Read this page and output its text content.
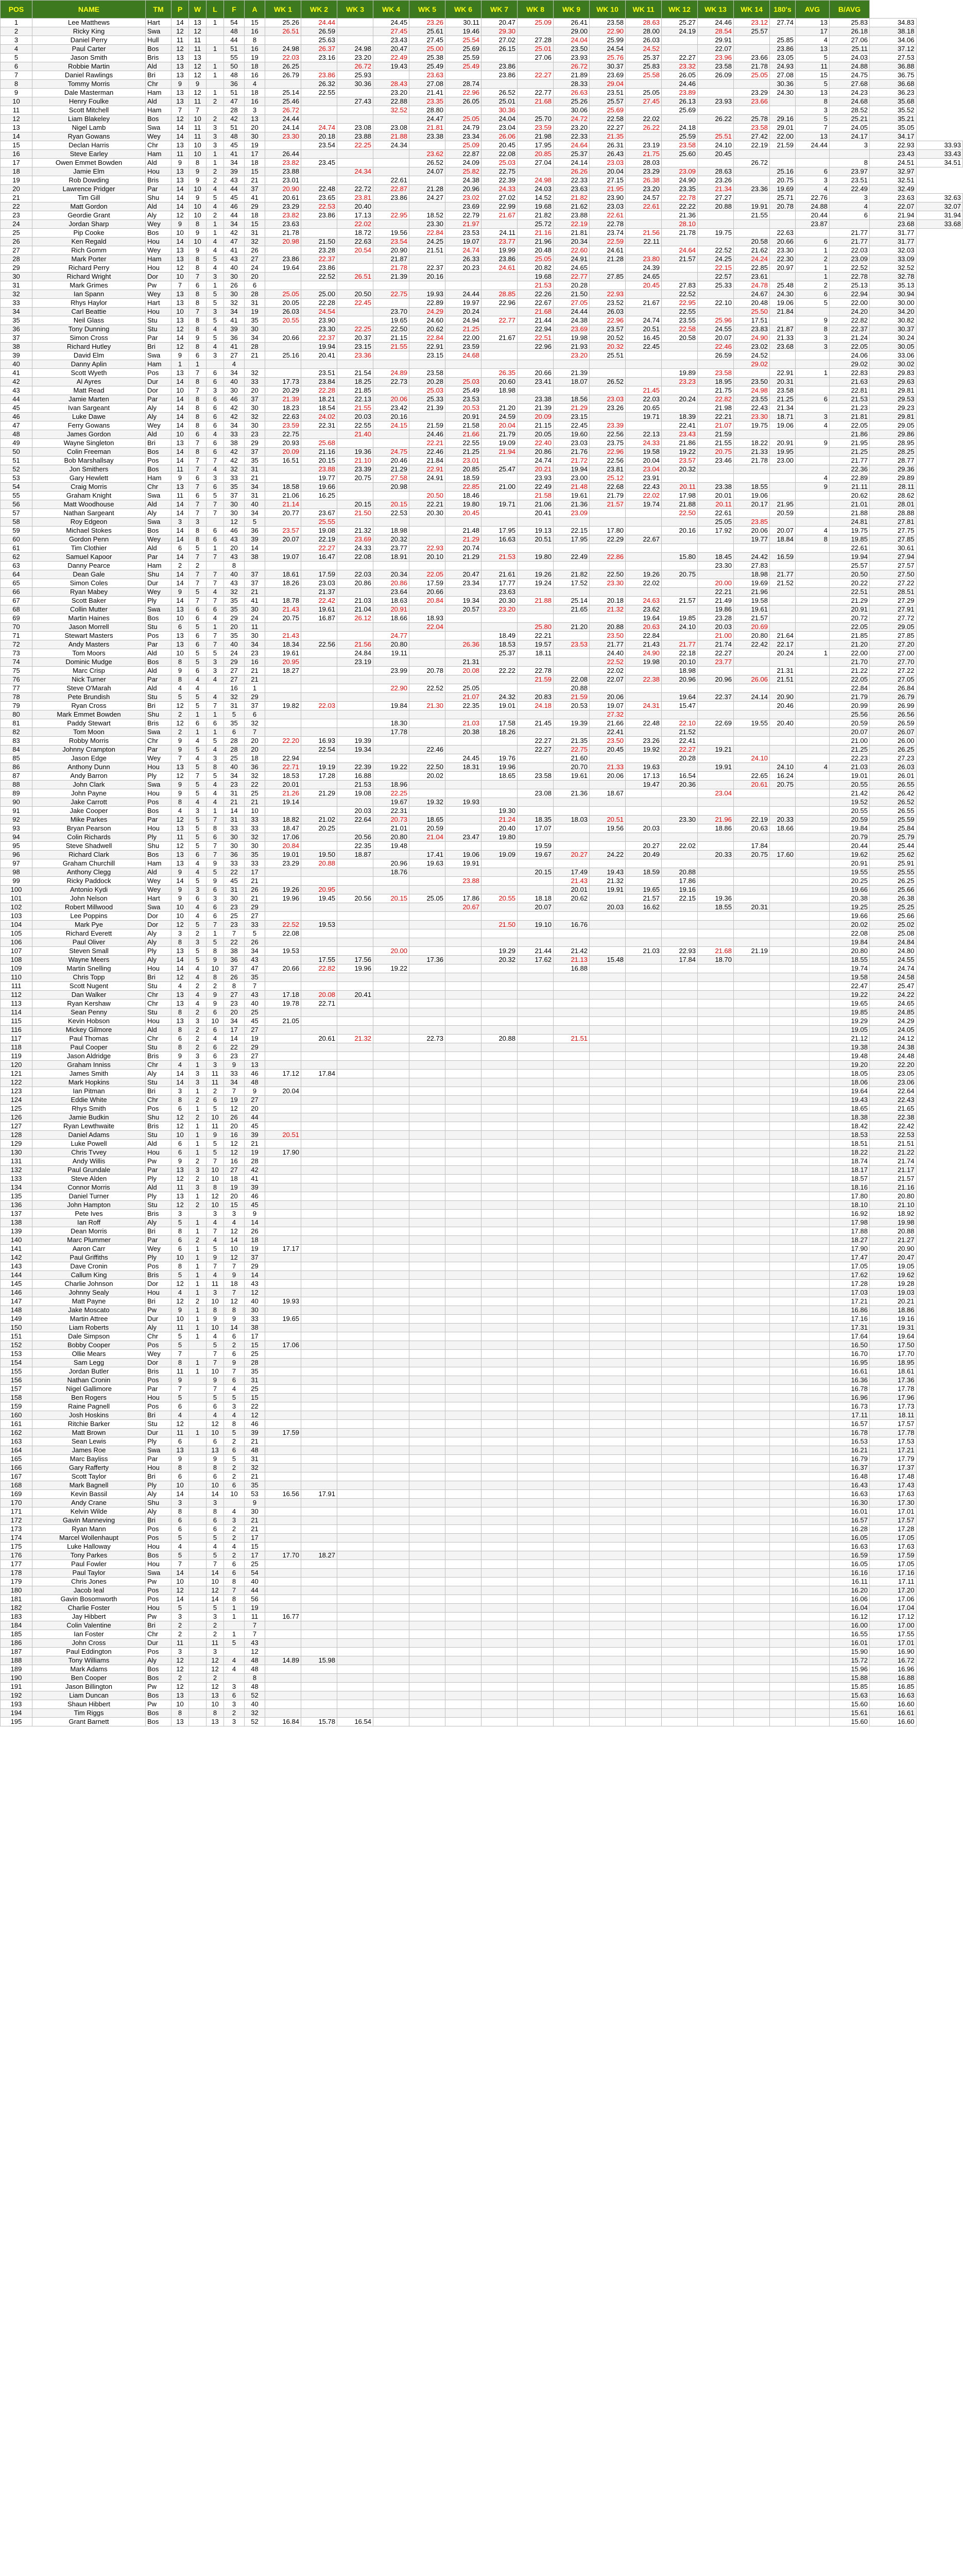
POS	NAME	TM	P	W	L	F	A	WK 1	WK 2	WK 3	WK 4	WK 5	WK 6	WK 7	WK 8	WK 9	WK 10	WK 11	WK 12	WK 13	WK 14	180's	AVG	B/AVG		
1	Lee Matthews	Hart	14	13	1	54	15	25.26	24.44		24.45	23.26	30.11	20.47	25.09	26.41	23.58	28.63	25.27	24.46	23.12	27.74	13	25.83	34.83	
2	Ricky King	Swa	12	12		48	16	26.51	26.59		27.45	25.61	19.46	29.30		29.00	22.90	28.00	24.19	28.54	25.57		17	26.18	38.18	
3	Daniel Perry	Hull	11	11		44	8		25.63		23.43	27.45	25.54	27.02	27.28	24.04	25.99	26.03		29.91		25.85	4	27.06	34.06	
4	Paul Carter	Bos	12	11	1	51	16	24.98	26.37	24.98	20.47	25.00	25.69	26.15	25.01	23.50	24.54	24.52		22.07		23.86	13	25.11	37.12	
5	Jason Smith	Bris	13	13		55	19	22.03	23.16	23.20	22.49	25.38	25.59		27.06	23.93	25.76	25.37	22.27	23.96	23.66	23.05	5	24.03	27.53	
6	Robbie Martin	Ald	13	12	1	50	18	26.25		26.72	19.43	25.49	25.49	23.86		26.72	30.37	25.83	23.32	23.58	21.78	24.93	11	24.88	36.88	
7	Daniel Rawlings	Bri	13	12	1	48	16	26.79	23.86	25.93		23.63		23.86	22.27	21.89	23.69	25.58	26.05	26.09	25.05	27.08	15	24.75	36.75	
8	Tommy Morris	Chr	9	9		36	4		26.32	30.36	28.43	27.08	28.74			28.33	29.04		24.46			30.36	5	27.68	36.68	
9	Dale Masterman	Ham	13	12	1	51	18	25.14	22.55		23.20	21.41	22.96	26.52	22.77	26.63	23.51	25.05	23.89		23.29	24.30	13	24.23	36.23	
10	Henry Foulke	Ald	13	11	2	47	16	25.46		27.43	22.88	23.35	26.05	25.01	21.68	25.26	25.57	27.45	26.13	23.93	23.66		8	24.68	35.68	
11	Scott Mitchell	Ham	7	7		28	3	26.72			32.52	28.80		30.36		30.06	25.69		25.69				3	28.52	35.52	
12	Liam Blakeley	Bos	12	10	2	42	13	24.44				24.47	25.05	24.04	25.70	24.72	22.58	22.02		26.22	25.78	29.16	5	25.21	35.21	
13	Nigel Lamb	Swa	14	11	3	51	20	24.14	24.74	23.08	23.08	21.81	24.79	23.04	23.59	23.20	22.27	26.22	24.18		23.58	29.01	7	24.05	35.05	
14	Ryan Gowans	Wey	14	11	3	48	30	23.30	20.18	23.88	21.88	23.38	23.34	26.06	21.98	22.33	21.35		25.59	25.51	27.42	22.00	13	24.17	34.17	
15	Declan Harris	Chr	13	10	3	45	19		23.54	22.25	24.34		25.09	20.45	17.95	24.64	26.31	23.19	23.58	24.10	22.19	21.59	24.44	3	22.93	33.93
16	Steve Earley	Ham	11	10	1	41	17	26.44				23.62	22.87	22.08	20.85	25.37	26.43	21.75	25.60	20.45					23.43	33.43
17	Owen Emmet Bowden	Ald	9	8	1	34	18	23.82	23.45			26.52	24.09	25.03	27.04	24.14	23.03	28.03			26.72			8	24.51	34.51
18	Jamie Elm	Hou	13	9	2	39	15	23.88		24.34		24.07	25.82	22.75		26.26	20.04	23.29	23.09	28.63		25.16	6	23.97	32.97	
19	Rob Dowding	Bris	13	9	2	43	21	23.01			22.61		24.38	22.39	24.98	22.33	27.15	26.38	24.90	23.26		20.75	3	23.51	32.51	
20	Lawrence Pridger	Par	14	10	4	44	37	20.90	22.48	22.72	22.87	21.28	20.96	24.33	24.03	23.63	21.95	23.20	23.35	21.34	23.36	19.69	4	22.49	32.49	
21	Tim Gill	Shu	14	9	5	45	41	20.61	23.65	23.81	23.86	24.27	23.02	27.02	14.52	21.82	23.90	24.57	22.78	27.27		25.71	22.76	3	23.63	32.63
22	Matt Gordon	Ald	14	10	4	46	29	23.29	22.53	20.40			23.69	22.99	19.68	21.62	23.03	22.61	22.22	20.88	19.91	20.78	24.88	4	22.07	32.07
23	Geordie Grant	Aly	12	10	2	44	18	23.82	23.86	17.13	22.95	18.52	22.79	21.67	21.82	23.88	22.61		21.36		21.55		20.44	6	21.94	31.94
24	Jordan Sharp	Wey	9	8	1	34	15	23.63		22.02		23.30	21.97		25.72	22.19	22.78		28.10				23.87		23.68	33.68
25	Pip Cooke	Bos	10	9	1	42	31	21.78		18.72	19.56	22.84	23.53	24.11	21.16	21.81	23.74	21.56	21.78	19.75		22.63		21.77	31.77	
26	Ken Regald	Hou	14	10	4	47	32	20.98	21.50	22.63	23.54	24.25	19.07	23.77	21.96	20.34	22.59	22.11			20.58	20.66	6	21.77	31.77	
27	Rich Gomm	Wey	13	9	4	41	26		23.28	20.54	20.90	21.51	24.74	19.99	20.48	22.60	24.61		24.64	22.52	21.62	23.30	1	22.03	32.03	
28	Mark Porter	Ham	13	8	5	43	27	23.86	22.37		21.87		26.33	23.86	25.05	24.91	21.28	23.80	21.57	24.25	24.24	22.30	2	23.09	33.09	
29	Richard Perry	Hou	12	8	4	40	24	19.64	23.86		21.78	22.37	20.23	24.61	20.82	24.65		24.39		22.15	22.85	20.97	1	22.52	32.52	
30	Richard Wright	Dor	10	7	3	30	20		22.52	26.51	21.39	20.16			19.68	22.77	27.85	24.65		22.57	23.61		1	22.78	32.78	
31	Mark Grimes	Pw	7	6	1	26	6								21.53	20.28		20.45	27.83	25.33	24.78	25.48	2	25.13	35.13	
32	Ian Spann	Wey	13	8	5	30	28	25.05	25.00	20.50	22.75	19.93	24.44	28.85	22.26	21.50	22.93		22.52		24.67	24.30	6	22.94	30.94	
33	Rhys Haylor	Hart	13	8	5	32	31	20.05	22.28	22.45		22.89	19.97	22.96	22.67	27.05	23.52	21.67	22.95	22.10	20.48	19.06	5	22.00	30.00	
34	Carl Beattie	Hou	10	7	3	34	19	26.03	24.54		23.70	24.29	20.24		21.68	24.44	26.03		22.55		25.50	21.84		24.20	34.20	
35	Neil Glass	Stu	13	8	5	41	35	20.55	23.90		19.65	24.60	24.94	22.77	21.44	24.38	22.96	24.74	23.55	25.96	17.51		9	22.82	30.82	
36	Tony Dunning	Stu	12	8	4	39	30		23.30	22.25	22.50	20.62	21.25		22.94	23.69	23.57	20.51	22.58	24.55	23.83	21.87	8	22.37	30.37	
37	Simon Cross	Par	14	9	5	36	34	20.66	22.37	20.37	21.15	22.84	22.00	21.67	22.51	19.98	20.52	16.45	20.58	20.07	24.90	21.33	3	21.24	30.24	
38	Richard Hutley	Bri	12	8	4	41	28		19.94	23.15	21.55	22.91	23.59		22.96	21.93	20.32	22.45		22.46	23.02	23.68	3	22.05	30.05	
39	David Elm	Swa	9	6	3	27	21	25.16	20.41	23.36		23.15	24.68			23.20	25.51			26.59	24.52			24.06	33.06	
40	Danny Aplin	Ham	1	1		4															29.02			29.02	30.02	
41	Scott Wyeth	Pos	13	7	6	34	32		23.51	21.54	24.89	23.58		26.35	20.66	21.39			19.89	23.58		22.91	1	22.83	29.83	
42	Al Ayres	Dur	14	8	6	40	33	17.73	23.84	18.25	22.73	20.28	25.03	20.60	23.41	18.07	26.52		23.23	18.95	23.50	20.31		21.63	29.63	
43	Matt Read	Dor	10	7	3	30	20	20.29	22.28	21.85		25.03	25.49	18.98				21.45		21.75	24.98	23.58		22.81	29.81	
44	Jamie Marten	Par	14	8	6	46	37	21.39	18.21	22.13	20.06	25.33	23.53		23.38	18.56	23.03	22.03	20.24	22.82	23.55	21.25	6	21.53	29.53	
45	Ivan Sargeant	Aly	14	8	6	42	30	18.23	18.54	21.55	23.42	21.39	20.53	21.20	21.39	21.29	23.26	20.65		21.98	22.43	21.34		21.23	29.23	
46	Luke Dawe	Aly	14	8	6	42	32	22.63	24.02	20.03	20.16		20.91	24.59	20.09	23.15		19.71	18.39	22.21	23.30	18.71	3	21.81	29.81	
47	Ferry Gowans	Wey	14	8	6	34	30	23.59	22.31	22.55	24.15	21.59	21.58	20.04	21.15	22.45	23.39		22.41	21.07	19.75	19.06	4	22.05	29.05	
48	James Gordon	Ald	10	6	4	33	23	22.75		21.40		24.46	21.66	21.79	20.05	19.60	22.56	22.13	23.43	21.59				21.86	29.86	
49	Wayne Singleton	Bri	13	7	6	38	29	20.93	25.68			22.21	22.55	19.09	22.40	23.03	23.75	24.33	21.86	21.55	18.22	20.91	9	21.95	28.95	
50	Colin Freeman	Bos	14	8	6	42	37	20.09	21.16	19.36	24.75	22.46	21.25	21.94	20.86	21.76	22.96	19.58	19.22	20.75	21.33	19.95		21.25	28.25	
51	Bob Marshallsay	Pos	14	7	7	42	35	16.51	20.15	21.10	20.46	21.84	23.01		24.74	21.72	22.56	20.04	23.57	23.46	21.78	23.00		21.77	28.77	
52	Jon Smithers	Bos	11	7	4	32	31		23.88	23.39	21.29	22.91	20.85	25.47	20.21	19.94	23.81	23.04	20.32					22.36	29.36	
53	Gary Hewlett	Ham	9	6	3	33	21		19.77	20.75	27.58	24.91	18.59		23.93	23.00	25.12	23.91					4	22.89	29.89	
54	Craig Morris	Chr	13	7	6	35	34	18.58	19.66		20.98		22.85	21.00	22.49	21.48	22.68	22.43	20.11	23.38	18.55		9	21.11	28.11	
55	Graham Knight	Swa	11	6	5	37	31	21.06	16.25			20.50	18.46		21.58	19.61	21.79	22.02	17.98	20.01	19.06			20.62	28.62	
56	Matt Woodhouse	Ald	14	7	7	30	40	21.14		20.15	20.15	22.21	19.80	19.71	21.06	21.36	21.57	19.74	21.88	20.11	20.17	21.95		21.01	28.01	
57	Nathan Sargeant	Aly	14	7	7	30	34	20.77	23.67	21.50	22.53	20.30	20.45		20.41	23.09			22.50	22.61		20.59		21.88	28.88	
58	Roy Edgeon	Swa	3	3		12	5		25.55											25.05	23.85			24.81	27.81	
59	Michael Stokes	Bos	14	8	6	46	36	23.57	19.08	21.32	18.98		21.48	17.95	19.13	22.15	17.80		20.16	17.92	20.06	20.07	4	19.75	27.75	
60	Gordon Penn	Wey	14	8	6	43	39	20.07	22.19	23.69	20.32		21.29	16.63	20.51	17.95	22.29	22.67			19.77	18.84	8	19.85	27.85	
61	Tim Clothier	Ald	6	5	1	20	14		22.27	24.33	23.77	22.93	20.74											22.61	30.61	
62	Samuel Kapoor	Par	14	7	7	43	38	19.07	16.47	22.08	18.91	20.10	21.29	21.53	19.80	22.49	22.86		15.80	18.45	24.42	16.59		19.94	27.94	
63	Danny Pearce	Ham	2	2		8														23.30	27.83			25.57	27.57	
64	Dean Gale	Shu	14	7	7	40	37	18.61	17.59	22.03	20.34	22.05	20.47	21.61	19.26	21.82	22.50	19.26	20.75		18.98	21.77		20.50	27.50	
65	Simon Coles	Dur	14	7	7	43	37	18.26	23.03	20.86	20.86	17.59	23.34	17.77	19.24	17.52	23.30	22.02		20.00	19.69	21.52		20.22	27.22	
66	Ryan Mabey	Wey	9	5	4	32	21		21.37		23.64	20.66		23.63						22.21	21.96			22.51	28.51	
67	Scott Baker	Ply	14	7	7	35	41	18.78	22.42	21.03	18.63	20.84	19.34	20.30	21.88	25.14	20.18	24.63	21.57	21.49	19.58			21.29	27.29	
68	Collin Mutter	Swa	13	6	6	35	30	21.43	19.61	21.04	20.91		20.57	23.20		21.65	21.32	23.62		19.86	19.61			20.91	27.91	
69	Martin Haines	Bos	10	6	4	29	24	20.75	16.87	26.12	18.66	18.93						19.64	19.85	23.28	21.57			20.72	27.72	
70	Jason Morrell	Stu	6	5	1	20	11					22.04			25.80	21.20	20.88	20.63	24.10	20.03	20.69			22.05	29.05	
71	Stewart Masters	Pos	13	6	7	35	30	21.43			24.77			18.49	22.21		23.50	22.84		21.00	20.80	21.64		21.85	27.85	
72	Andy Masters	Par	13	6	7	40	34	18.34	22.56	21.56	20.80		26.36	18.53	19.57	23.53	21.77	21.43	21.77	21.74	22.42	22.17		21.20	27.20	
73	Tom Moors	Ald	10	5	5	24	23	19.61		24.84	19.11			25.37	18.11		24.40	24.90	22.18	22.27		20.24	1	22.00	27.00	
74	Dominic Mudge	Bos	8	5	3	29	16	20.95		23.19			21.31				22.52	19.98	20.10	23.77				21.70	27.70	
75	Marc Crisp	Ald	9	6	3	27	21	18.27			23.99	20.78	20.08	22.22	22.78		22.02		18.98			21.31		21.22	27.22	
76	Nick Turner	Par	8	4	4	27	21								21.59	22.08	22.07	22.38	20.96	20.96	26.06	21.51		22.05	27.05	
77	Steve O'Marah	Ald	4	4		16	1				22.90	22.52	25.05			20.88								22.84	26.84	
78	Pete Brundish	Stu	5	5	4	32	29						21.07	24.32	20.83	21.59	20.06		19.64	22.37	24.14	20.90		21.79	26.79	
79	Ryan Cross	Bri	12	5	7	31	37	19.82	22.03		19.84	21.30	22.35	19.01	24.18	20.53	19.07	24.31	15.47			20.46		20.99	26.99	
80	Mark Emmet Bowden	Shu	2	1	1	5	6										27.32							25.56	26.56	
81	Paddy Stewart	Bris	12	6	6	35	32				18.30		21.03	17.58	21.45	19.39	21.66	22.48	22.10	22.69	19.55	20.40		20.59	26.59	
82	Tom Moon	Swa	2	1	1	6	7				17.78		20.38	18.26			22.41		21.52					20.07	26.07	
83	Robby Morris	Chr	9	4	5	28	20	22.20	16.93	19.39					22.27	21.35	23.50	23.26	22.41					21.00	26.00	
84	Johnny Crampton	Par	9	5	4	28	20		22.54	19.34		22.46			22.27	22.75	20.45	19.92	22.27	19.21				21.25	26.25	
85	Jason Edge	Wey	7	4	3	25	18	22.94					24.45	19.76		21.60			20.28		24.10			22.23	27.23	
86	Anthony Dunn	Hou	13	5	8	40	36	22.71	19.19	22.39	19.22	22.50	18.31	19.96		20.70	21.33	19.63		19.91		24.10	4	21.03	26.03	
87	Andy Barron	Ply	12	7	5	34	32	18.53	17.28	16.88		20.02		18.65	23.58	19.61	20.06	17.13	16.54		22.65	16.24		19.01	26.01	
88	John Clark	Swa	9	5	4	23	22	20.01		21.53	18.96							19.47	20.36		20.61	20.75		20.55	26.55	
89	John Payne	Hou	9	5	4	31	25	21.26	21.29	19.08	22.25				23.08	21.36	18.67			23.04				21.42	26.42	
90	Jake Carrott	Pos	8	4	4	21	21	19.14			19.67	19.32	19.93											19.52	26.52	
91	Jake Cooper	Bos	4	3	1	14	10			20.03	22.31			19.30										20.55	26.55	
92	Mike Parkes	Par	12	5	7	31	33	18.82	21.02	22.64	20.73	18.65		21.24	18.35	18.03	20.51		23.30	21.96	22.19	20.33		20.59	25.59	
93	Bryan Pearson	Hou	13	5	8	33	33	18.47	20.25		21.01	20.59		20.40	17.07		19.56	20.03		18.86	20.63	18.66		19.84	25.84	
94	Colin Richards	Ply	11	5	6	30	32	17.06		20.56	20.80	21.04	23.47	19.80										20.79	25.79	
95	Steve Shadwell	Shu	12	5	7	30	30	20.84		22.35	19.48				19.59			20.27	22.02		17.84			20.44	25.44	
96	Richard Clark	Bos	13	6	7	36	35	19.01	19.50	18.87		17.41	19.06	19.09	19.67	20.27	24.22	20.49		20.33	20.75	17.60		19.62	25.62	
97	Graham Churchill	Ham	13	4	9	33	33	23.29	20.88		20.96	19.63	19.91											20.91	25.91	
98	Anthony Clegg	Ald	9	4	5	22	17				18.76				20.15	17.49	19.43	18.59	20.88					19.55	25.55	
99	Ricky Paddock	Wey	14	5	9	45	21						23.88			21.43	21.32		17.86					20.25	26.25	
100	Antonio Kydi	Wey	9	3	6	31	26	19.26	20.95							20.01	19.91	19.65	19.16					19.66	25.66	
101	John Nelson	Hart	9	6	3	30	21	19.96	19.45	20.56	20.15	25.05	17.86	20.55	18.18	20.62		21.57	22.15	19.36				20.38	26.38	
102	Robert Millwood	Swa	10	4	6	23	29						20.67		20.07		20.03	16.62		18.55	20.31			19.25	25.25	
103	Lee Poppins	Dor	10	4	6	25	27																	19.66	25.66	
104	Mark Pye	Dor	12	5	7	23	33	22.52	19.53					21.50	19.10	16.76								20.02	25.02	
105	Richard Everett	Aly	3	2	1	7	5	22.08																22.08	25.08	
106	Paul Oliver	Aly	8	3	5	22	26																	19.84	24.84	
107	Steven Small	Ply	13	5	8	38	34	19.53			20.00			19.29	21.44	21.42		21.03	22.93	21.68	21.19			20.80	24.80	
108	Wayne Meers	Aly	14	5	9	36	43		17.55	17.56		17.36		20.32	17.62	21.13	15.48		17.84	18.70				18.55	24.55	
109	Martin Snelling	Hou	14	4	10	37	47	20.66	22.82	19.96	19.22					16.88								19.74	24.74	
110	Chris Topp	Bri	12	4	8	26	35																	19.58	24.58	
111	Scott Nugent	Stu	4	2	2	8	7																	22.47	25.47	
112	Dan Walker	Chr	13	4	9	27	43	17.18	20.08	20.41														19.22	24.22	
113	Ryan Kershaw	Chr	13	4	9	23	40	19.78	22.71															19.65	24.65	
114	Sean Penny	Stu	8	2	6	20	25																	19.85	24.85	
115	Kevin Hobson	Hou	13	3	10	34	45	21.05																19.29	24.29	
116	Mickey Gilmore	Ald	8	2	6	17	27																	19.05	24.05	
117	Paul Thomas	Chr	6	2	4	14	19		20.61	21.32		22.73		20.88		21.51								21.12	24.12	
118	Paul Cooper	Stu	8	2	6	22	29																	19.38	24.38	
119	Jason Aldridge	Bris	9	3	6	23	27																	19.48	24.48	
120	Graham Inniss	Chr	4	1	3	9	13																	19.20	22.20	
121	James Smith	Aly	14	3	11	33	46	17.12	17.84															18.05	23.05	
122	Mark Hopkins	Stu	14	3	11	34	48																	18.06	23.06	
123	Ian Pitman	Bri	3	1	2	7	9	20.04																19.64	22.64	
124	Eddie White	Chr	8	2	6	19	27																	19.43	22.43	
125	Rhys Smith	Pos	6	1	5	12	20																	18.65	21.65	
126	Jamie Budkin	Shu	12	2	10	26	44																	18.38	22.38	
127	Ryan Lewthwaite	Bris	12	1	11	20	45																	18.42	22.42	
128	Daniel Adams	Stu	10	1	9	16	39	20.51																18.53	22.53	
129	Luke Powell	Ald	6	1	5	12	21																	18.51	21.51	
130	Chris Tvvey	Hou	6	1	5	12	19	17.90																18.22	21.22	
131	Andy Willis	Pw	9	2	7	16	28																	18.74	21.74	
132	Paul Grundale	Par	13	3	10	27	42																	18.17	21.17	
133	Steve Alden	Ply	12	2	10	18	41																	18.57	21.57	
134	Connor Morris	Ald	11	3	8	19	39																	18.16	21.16	
135	Daniel Turner	Ply	13	1	12	20	46																	17.80	20.80	
136	John Hampton	Stu	12	2	10	15	45																	18.10	21.10	
137	Pete Ives	Bris	3		3	3	9																	16.92	18.92	
138	Ian Roff	Aly	5	1	4	4	14																	17.98	19.98	
139	Dean Morris	Bri	8	1	7	12	26																	17.88	20.88	
140	Marc Plummer	Par	6	2	4	14	18																	18.27	21.27	
141	Aaron Carr	Wey	6	1	5	10	19	17.17																17.90	20.90	
142	Paul Griffiths	Ply	10	1	9	12	37																	17.47	20.47	
143	Dave Cronin	Pos	8	1	7	7	29																	17.05	19.05	
144	Callum King	Bris	5	1	4	9	14																	17.62	19.62	
145	Charlie Johnson	Dor	12	1	11	18	43																	17.28	19.28	
146	Johnny Sealy	Hou	4	1	3	7	12																	17.03	19.03	
147	Matt Payne	Bri	12	2	10	12	40	19.93																17.21	20.21	
148	Jake Moscato	Pw	9	1	8	8	30																	16.86	18.86	
149	Martin Attree	Dur	10	1	9	9	33	19.65																17.16	19.16	
150	Liam Roberts	Aly	11	1	10	14	38																	17.31	19.31	
151	Dale Simpson	Chr	5	1	4	6	17																	17.64	19.64	
152	Bobby Cooper	Pos	5		5	2	15	17.06																16.50	17.50	
153	Ollie Mears	Wey	7		7	6	25																	16.70	17.70	
154	Sam Legg	Dor	8	1	7	9	28																	16.95	18.95	
155	Jordan Butler	Bris	11	1	10	7	35																	16.61	18.61	
156	Nathan Cronin	Pos	9		9	6	31																	16.36	17.36	
157	Nigel Gallimore	Par	7		7	4	25																	16.78	17.78	
158	Ben Rogers	Hou	5		5	5	15																	16.96	17.96	
159	Raine Pagnell	Pos	6		6	3	22																	16.73	17.73	
160	Josh Hoskins	Bri	4		4	4	12																	17.11	18.11	
161	Ritchie Barker	Stu	12		12	8	46																	16.57	17.57	
162	Matt Brown	Dur	11	1	10	5	39	17.59																16.78	17.78	
163	Sean Lewis	Ply	6		6	2	21																	16.53	17.53	
164	James Roe	Swa	13		13	6	48																	16.21	17.21	
165	Marc Bayliss	Par	9		9	5	31																	16.79	17.79	
166	Gary Rafferty	Hou	8		8	2	32																	16.37	17.37	
167	Scott Taylor	Bri	6		6	2	21																	16.48	17.48	
168	Mark Bagnell	Ply	10		10	6	35																	16.43	17.43	
169	Kevin Bassil	Aly	14		14	10	53	16.56	17.91															16.63	17.63	
170	Andy Crane	Shu	3		3		9																	16.30	17.30	
171	Kelvin Wilde	Aly	8		8	4	30																	16.01	17.01	
172	Gavin Manneving	Bri	6		6	3	21																	16.57	17.57	
173	Ryan Mann	Pos	6		6	2	21																	16.28	17.28	
174	Marcel Wollenhaupt	Pos	5		5	2	17																	16.05	17.05	
175	Luke Halloway	Hou	4		4	4	15																	16.63	17.63	
176	Tony Parkes	Bos	5		5	2	17	17.70	18.27															16.59	17.59	
177	Paul Fowler	Hou	7		7	6	25																	16.05	17.05	
178	Paul Taylor	Swa	14		14	6	54																	16.16	17.16	
179	Chris Jones	Pw	10		10	8	40																	16.11	17.11	
180	Jacob Ieal	Pos	12		12	7	44																	16.20	17.20	
181	Gavin Bosomworth	Pos	14		14	8	56																	16.06	17.06	
182	Charlie Foster	Hou	5		5	1	19																	16.04	17.04	
183	Jay Hibbert	Pw	3		3	1	11	16.77																16.12	17.12	
184	Colin Valentine	Bri	2		2		7																	16.00	17.00	
185	Ian Foster	Chr	2		2	1	7																	16.55	17.55	
186	John Cross	Dur	11		11	5	43																	16.01	17.01	
187	Paul Eddington	Pos	3		3		12																	15.90	16.90	
188	Tony Williams	Aly	12		12	4	48	14.89	15.98															15.72	16.72	
189	Mark Adams	Bos	12		12	4	48																	15.96	16.96	
190	Ben Cooper	Bos	2		2		8																	15.88	16.88	
191	Jason Billington	Pw	12		12	3	48																	15.85	16.85	
192	Liam Duncan	Bos	13		13	6	52																	15.63	16.63	
193	Shaun Hibbert	Pw	10		10	3	40																	15.60	16.60	
194	Tim Riggs	Bos	8		8	2	32																	15.61	16.61	
195	Grant Barnett	Bos	13		13	3	52	16.84	15.78	16.54														15.60	16.60	
